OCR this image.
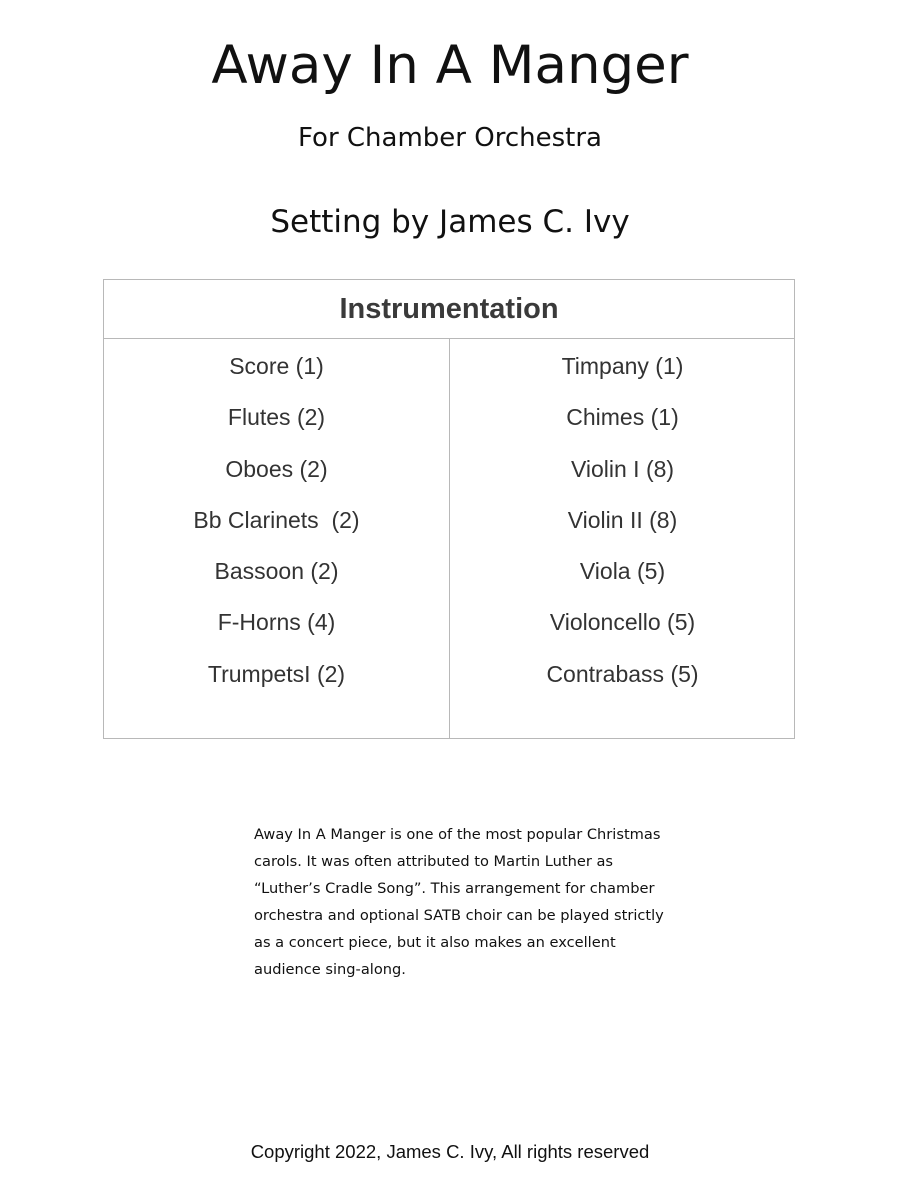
Away In A Manger
For Chamber Orchestra
Setting by James C. Ivy
Instrumentation
Score (1)
Flutes (2)
Oboes (2)
Bb Clarinets  (2)
Bassoon (2)
F-Horns (4)
TrumpetsI (2)
Timpany (1)
Chimes (1)
Violin I (8)
Violin II (8)
Viola (5)
Violoncello (5)
Contrabass (5)
Away In A Manger is one of the most popular Christmas
carols. It was often attributed to Martin Luther as
“Luther’s Cradle Song”. This arrangement for chamber
orchestra and optional SATB choir can be played strictly
as a concert piece, but it also makes an excellent
audience sing-along.
Copyright 2022, James C. Ivy, All rights reserved
